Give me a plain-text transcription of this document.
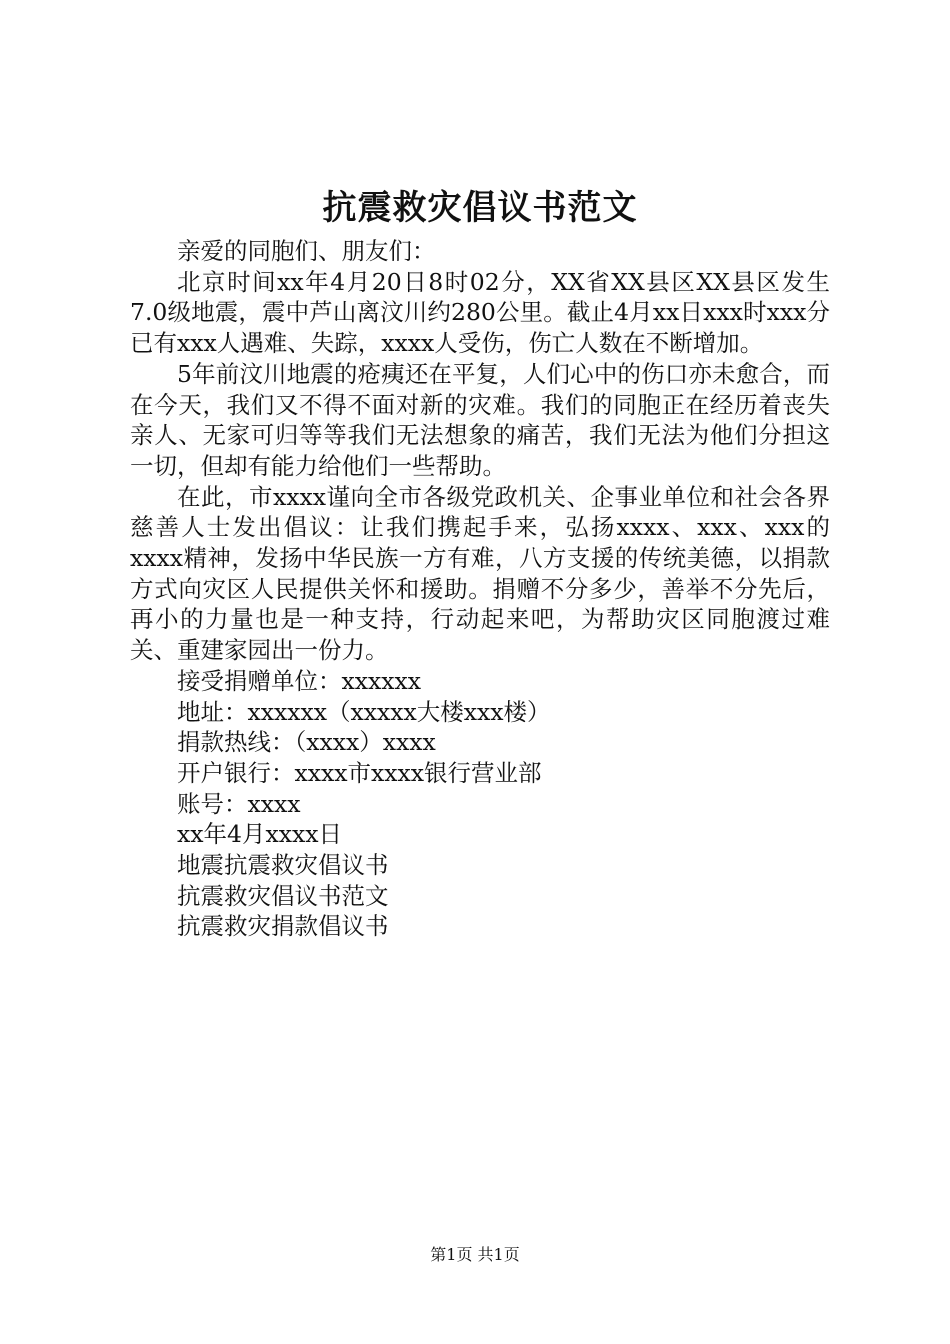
抗震救灾倡议书范文

亲爱的同胞们、朋友们：

北京时间xx年4月20日8时02分，XX省XX县区XX县区发生7.0级地震，震中芦山离汶川约280公里。截止4月xx日xxx时xxx分已有xxx人遇难、失踪，xxxx人受伤，伤亡人数在不断增加。

5年前汶川地震的疮痍还在平复，人们心中的伤口亦未愈合，而在今天，我们又不得不面对新的灾难。我们的同胞正在经历着丧失亲人、无家可归等等我们无法想象的痛苦，我们无法为他们分担这一切，但却有能力给他们一些帮助。

在此，市xxxx谨向全市各级党政机关、企事业单位和社会各界慈善人士发出倡议：让我们携起手来，弘扬xxxx、xxx、xxx的xxxx精神，发扬中华民族一方有难，八方支援的传统美德，以捐款方式向灾区人民提供关怀和援助。捐赠不分多少，善举不分先后，再小的力量也是一种支持，行动起来吧，为帮助灾区同胞渡过难关、重建家园出一份力。

接受捐赠单位：xxxxxx

地址：xxxxxx（xxxxx大楼xxx楼）

捐款热线：（xxxx）xxxx

开户银行：xxxx市xxxx银行营业部

账号：xxxx

xx年4月xxxx日

地震抗震救灾倡议书

抗震救灾倡议书范文

抗震救灾捐款倡议书

第1页 共1页
